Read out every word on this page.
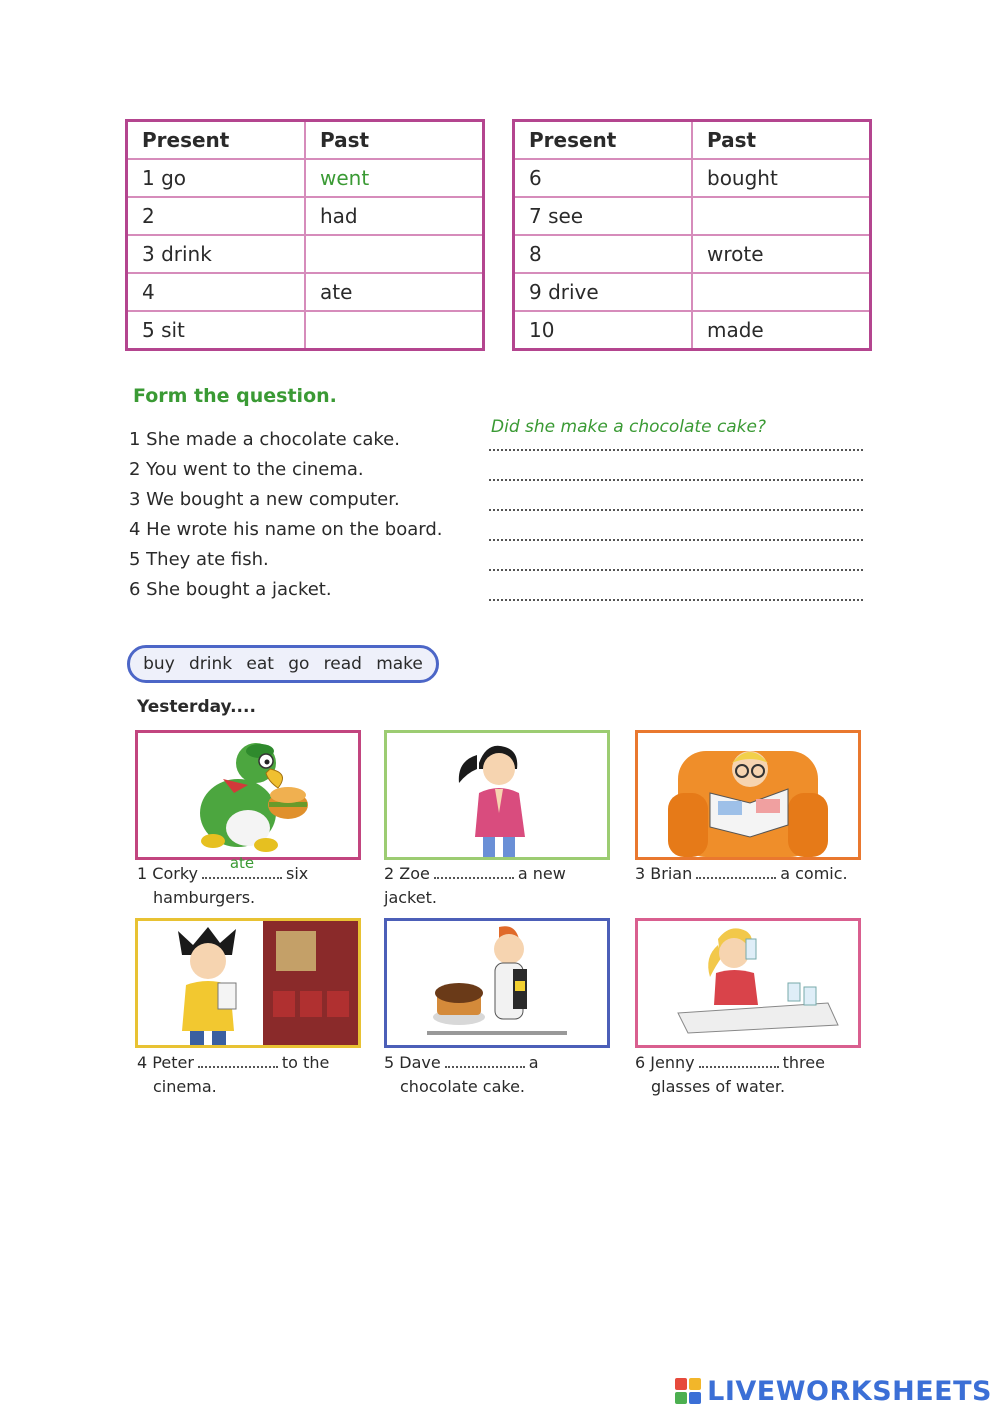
Present	Past
1 go	went
2	had
3 drink	
4	ate
5 sit	
Present	Past
6	bought
7 see	
8	wrote
9 drive	
10	made
Form the question.
1 She made a chocolate cake.
Did she make a chocolate cake?
2 You went to the cinema.
3 We bought a new computer.
4 He wrote his name on the board.
5 They ate fish.
6 She bought a jacket.
buy drink eat go read make
Yesterday....
1 Corky
ate
six
hamburgers.
2 Zoe	a new jacket.
3 Brian	a comic.
4 Peter	to the
cinema.
5 Dave	a
chocolate cake.
6 Jenny	three
glasses of water.
LIVEWORKSHEETS
